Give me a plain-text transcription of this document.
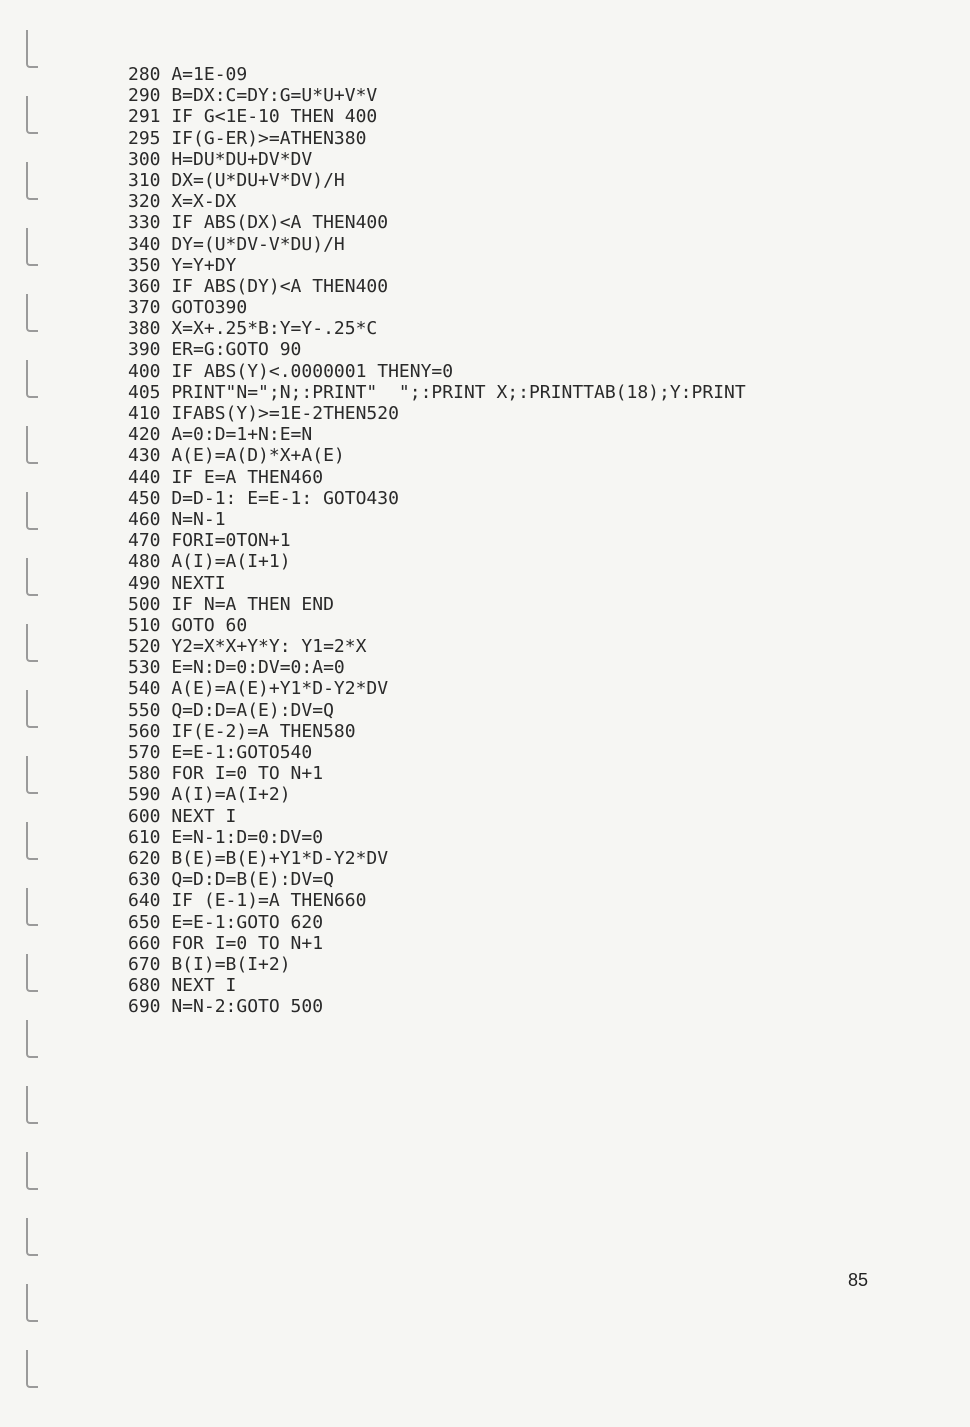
280 A=1E-09
290 B=DX:C=DY:G=U*U+V*V
291 IF G<1E-10 THEN 400
295 IF(G-ER)>=ATHEN380
300 H=DU*DU+DV*DV
310 DX=(U*DU+V*DV)/H
320 X=X-DX
330 IF ABS(DX)<A THEN400
340 DY=(U*DV-V*DU)/H
350 Y=Y+DY
360 IF ABS(DY)<A THEN400
370 GOTO390
380 X=X+.25*B:Y=Y-.25*C
390 ER=G:GOTO 90
400 IF ABS(Y)<.0000001 THENY=0
405 PRINT"N=";N;:PRINT"  ";:PRINT X;:PRINTTAB(18);Y:PRINT
410 IFABS(Y)>=1E-2THEN520
420 A=0:D=1+N:E=N
430 A(E)=A(D)*X+A(E)
440 IF E=A THEN460
450 D=D-1: E=E-1: GOTO430
460 N=N-1
470 FORI=0TON+1
480 A(I)=A(I+1)
490 NEXTI
500 IF N=A THEN END
510 GOTO 60
520 Y2=X*X+Y*Y: Y1=2*X
530 E=N:D=0:DV=0:A=0
540 A(E)=A(E)+Y1*D-Y2*DV
550 Q=D:D=A(E):DV=Q
560 IF(E-2)=A THEN580
570 E=E-1:GOTO540
580 FOR I=0 TO N+1
590 A(I)=A(I+2)
600 NEXT I
610 E=N-1:D=0:DV=0
620 B(E)=B(E)+Y1*D-Y2*DV
630 Q=D:D=B(E):DV=Q
640 IF (E-1)=A THEN660
650 E=E-1:GOTO 620
660 FOR I=0 TO N+1
670 B(I)=B(I+2)
680 NEXT I
690 N=N-2:GOTO 500
85
